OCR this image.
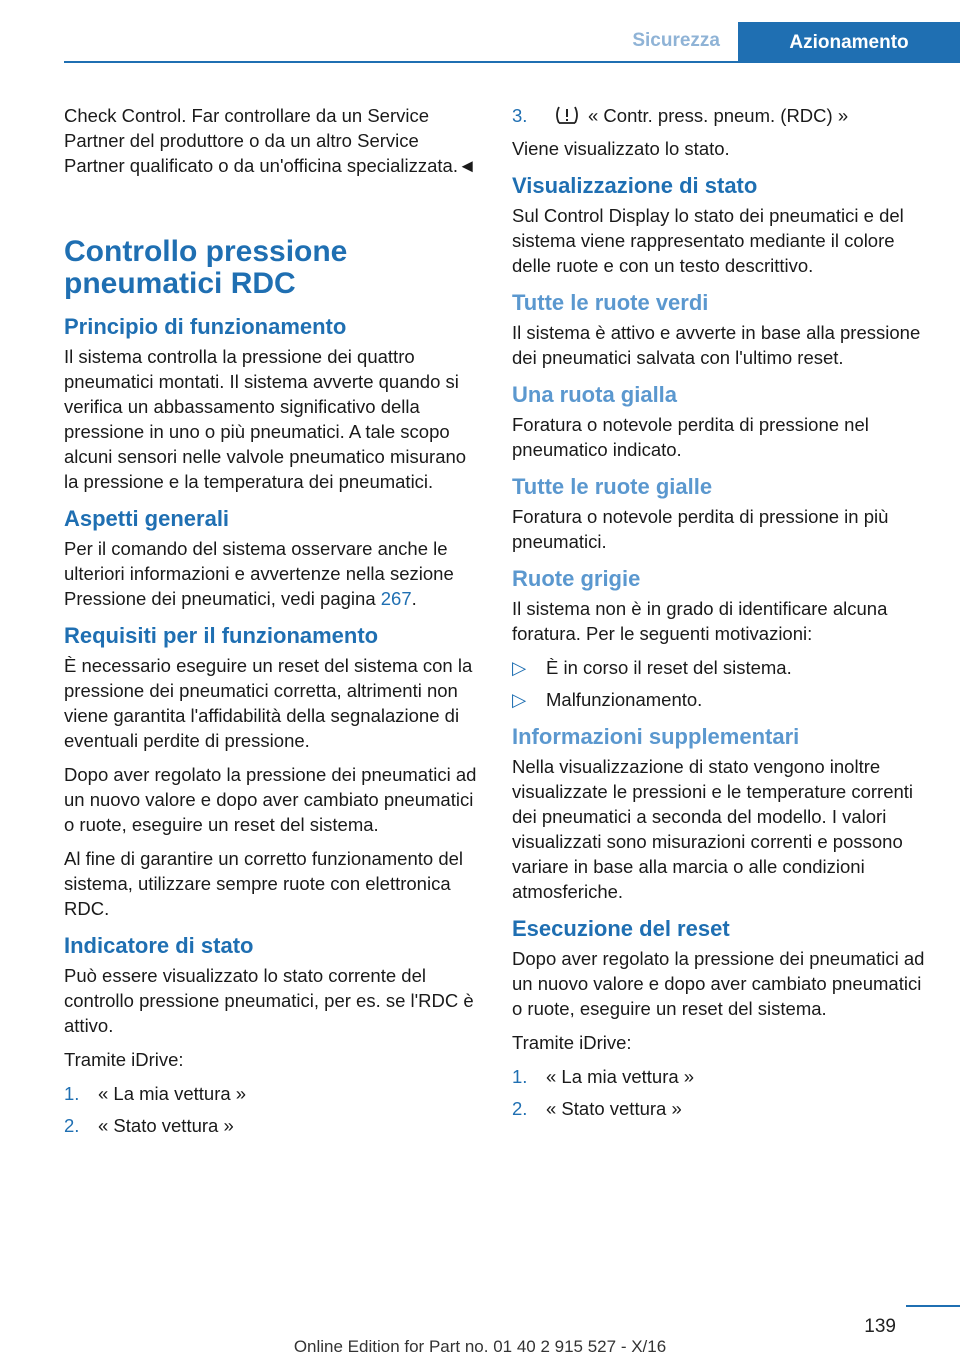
Sicurezza	Azionamento

Check Control. Far controllare da un Service Partner del produttore o da un altro Service Partner qualificato o da un'officina specializzata.◄

Controllo pressione pneumatici RDC
Principio di funzionamento

Il sistema controlla la pressione dei quattro pneumatici montati. Il sistema avverte quando si verifica un abbassamento significativo della pressione in uno o più pneumatici. A tale scopo alcuni sensori nelle valvole pneumatico misurano la pressione e la temperatura dei pneumatici.

Aspetti generali

Per il comando del sistema osservare anche le ulteriori informazioni e avvertenze nella sezione Pressione dei pneumatici, vedi pagina 267.

Requisiti per il funzionamento

È necessario eseguire un reset del sistema con la pressione dei pneumatici corretta, altrimenti non viene garantita l'affidabilità della segnalazione di eventuali perdite di pressione.

Dopo aver regolato la pressione dei pneumatici ad un nuovo valore e dopo aver cambiato pneumatici o ruote, eseguire un reset del sistema.

Al fine di garantire un corretto funzionamento del sistema, utilizzare sempre ruote con elettronica RDC.

Indicatore di stato

Può essere visualizzato lo stato corrente del controllo pressione pneumatici, per es. se l'RDC è attivo.

Tramite iDrive:

1.	« La mia vettura »
2.	« Stato vettura »
3.	« Contr. press. pneum. (RDC) »

Viene visualizzato lo stato.

Visualizzazione di stato

Sul Control Display lo stato dei pneumatici e del sistema viene rappresentato mediante il colore delle ruote e con un testo descrittivo.

Tutte le ruote verdi

Il sistema è attivo e avverte in base alla pressione dei pneumatici salvata con l'ultimo reset.

Una ruota gialla

Foratura o notevole perdita di pressione nel pneumatico indicato.

Tutte le ruote gialle

Foratura o notevole perdita di pressione in più pneumatici.

Ruote grigie

Il sistema non è in grado di identificare alcuna foratura. Per le seguenti motivazioni:

▷	È in corso il reset del sistema.
▷	Malfunzionamento.
Informazioni supplementari

Nella visualizzazione di stato vengono inoltre visualizzate le pressioni e le temperature correnti dei pneumatici a seconda del modello. I valori visualizzati sono misurazioni correnti e possono variare in base alla marcia o alle condizioni atmosferiche.

Esecuzione del reset

Dopo aver regolato la pressione dei pneumatici ad un nuovo valore e dopo aver cambiato pneumatici o ruote, eseguire un reset del sistema.

Tramite iDrive:

1.	« La mia vettura »
2.	« Stato vettura »
139
Online Edition for Part no. 01 40 2 915 527 - X/16
